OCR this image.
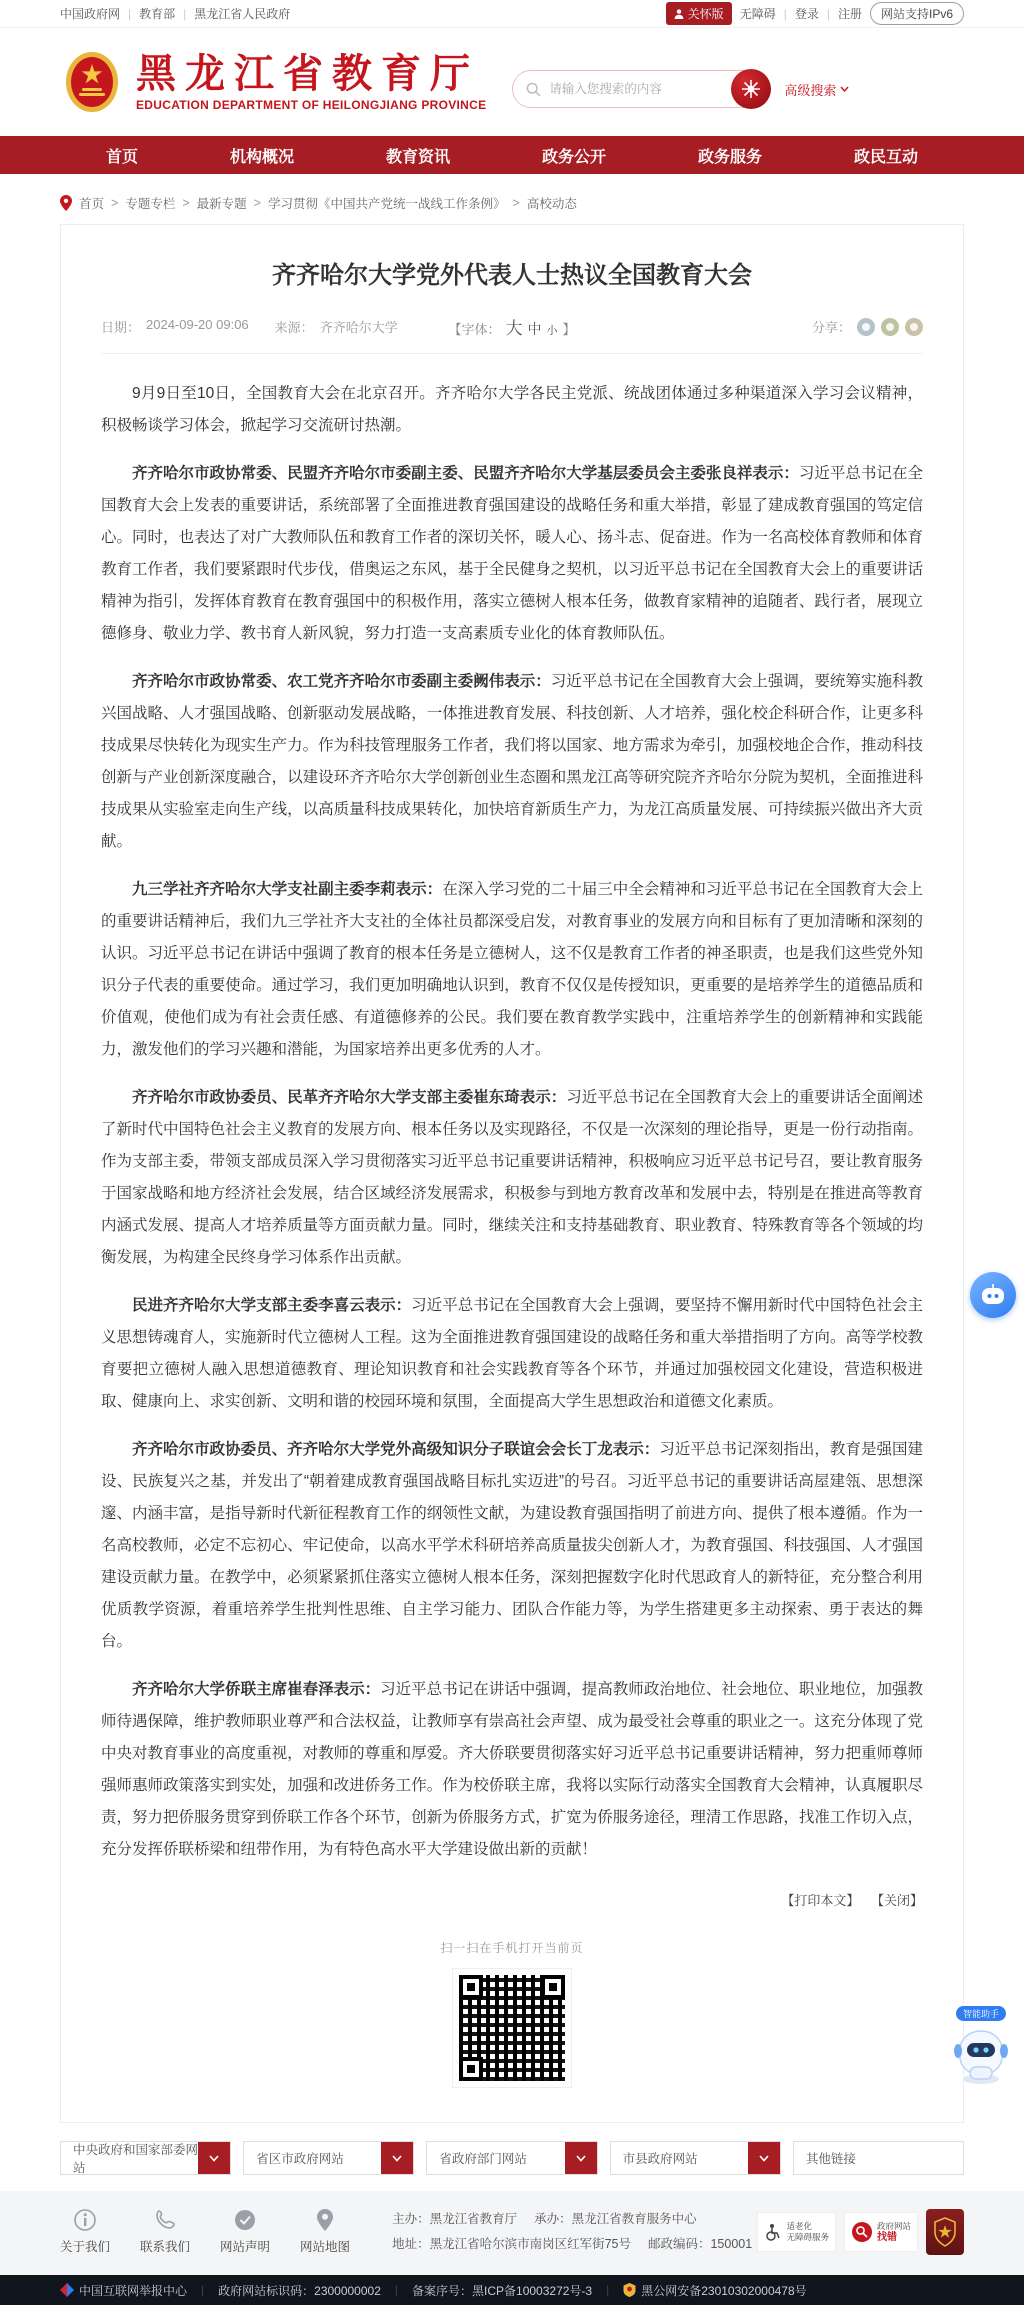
中国政府网 | 教育部 | 黑龙江省人民政府	关怀版 无障碍 | 登录 | 注册	网站支持IPv6
黑龙江省教育厅
EDUCATION DEPARTMENT OF HEILONGJIANG PROVINCE
请输入您搜索的内容
高级搜索
首页	机构概况	教育资讯	政务公开	政务服务	政民互动
首页 > 专题专栏 > 最新专题 > 学习贯彻《中国共产党统一战线工作条例》 > 高校动态
齐齐哈尔大学党外代表人士热议全国教育大会
日期： 2024-09-20 09:06 来源： 齐齐哈尔大学	【字体： 大 中 小 】	分享：

9月9日至10日，全国教育大会在北京召开。齐齐哈尔大学各民主党派、统战团体通过多种渠道深入学习会议精神，积极畅谈学习体会，掀起学习交流研讨热潮。

齐齐哈尔市政协常委、民盟齐齐哈尔市委副主委、民盟齐齐哈尔大学基层委员会主委张良祥表示：习近平总书记在全国教育大会上发表的重要讲话，系统部署了全面推进教育强国建设的战略任务和重大举措，彰显了建成教育强国的笃定信心。同时，也表达了对广大教师队伍和教育工作者的深切关怀，暖人心、扬斗志、促奋进。作为一名高校体育教师和体育教育工作者，我们要紧跟时代步伐，借奥运之东风，基于全民健身之契机，以习近平总书记在全国教育大会上的重要讲话精神为指引，发挥体育教育在教育强国中的积极作用，落实立德树人根本任务，做教育家精神的追随者、践行者，展现立德修身、敬业力学、教书育人新风貌，努力打造一支高素质专业化的体育教师队伍。

齐齐哈尔市政协常委、农工党齐齐哈尔市委副主委阙伟表示：习近平总书记在全国教育大会上强调，要统筹实施科教兴国战略、人才强国战略、创新驱动发展战略，一体推进教育发展、科技创新、人才培养，强化校企科研合作，让更多科技成果尽快转化为现实生产力。作为科技管理服务工作者，我们将以国家、地方需求为牵引，加强校地企合作，推动科技创新与产业创新深度融合，以建设环齐齐哈尔大学创新创业生态圈和黑龙江高等研究院齐齐哈尔分院为契机，全面推进科技成果从实验室走向生产线，以高质量科技成果转化，加快培育新质生产力，为龙江高质量发展、可持续振兴做出齐大贡献。

九三学社齐齐哈尔大学支社副主委李莉表示：在深入学习党的二十届三中全会精神和习近平总书记在全国教育大会上的重要讲话精神后，我们九三学社齐大支社的全体社员都深受启发，对教育事业的发展方向和目标有了更加清晰和深刻的认识。习近平总书记在讲话中强调了教育的根本任务是立德树人，这不仅是教育工作者的神圣职责，也是我们这些党外知识分子代表的重要使命。通过学习，我们更加明确地认识到，教育不仅仅是传授知识，更重要的是培养学生的道德品质和价值观，使他们成为有社会责任感、有道德修养的公民。我们要在教育教学实践中，注重培养学生的创新精神和实践能力，激发他们的学习兴趣和潜能，为国家培养出更多优秀的人才。

齐齐哈尔市政协委员、民革齐齐哈尔大学支部主委崔东琦表示：习近平总书记在全国教育大会上的重要讲话全面阐述了新时代中国特色社会主义教育的发展方向、根本任务以及实现路径，不仅是一次深刻的理论指导，更是一份行动指南。作为支部主委，带领支部成员深入学习贯彻落实习近平总书记重要讲话精神，积极响应习近平总书记号召，要让教育服务于国家战略和地方经济社会发展，结合区域经济发展需求，积极参与到地方教育改革和发展中去，特别是在推进高等教育内涵式发展、提高人才培养质量等方面贡献力量。同时，继续关注和支持基础教育、职业教育、特殊教育等各个领域的均衡发展，为构建全民终身学习体系作出贡献。

民进齐齐哈尔大学支部主委李喜云表示：习近平总书记在全国教育大会上强调，要坚持不懈用新时代中国特色社会主义思想铸魂育人，实施新时代立德树人工程。这为全面推进教育强国建设的战略任务和重大举措指明了方向。高等学校教育要把立德树人融入思想道德教育、理论知识教育和社会实践教育等各个环节，并通过加强校园文化建设，营造积极进取、健康向上、求实创新、文明和谐的校园环境和氛围，全面提高大学生思想政治和道德文化素质。

齐齐哈尔市政协委员、齐齐哈尔大学党外高级知识分子联谊会会长丁龙表示：习近平总书记深刻指出，教育是强国建设、民族复兴之基，并发出了“朝着建成教育强国战略目标扎实迈进”的号召。习近平总书记的重要讲话高屋建瓴、思想深邃、内涵丰富，是指导新时代新征程教育工作的纲领性文献，为建设教育强国指明了前进方向、提供了根本遵循。作为一名高校教师，必定不忘初心、牢记使命，以高水平学术科研培养高质量拔尖创新人才，为教育强国、科技强国、人才强国建设贡献力量。在教学中，必须紧紧抓住落实立德树人根本任务，深刻把握数字化时代思政育人的新特征，充分整合利用优质教学资源，着重培养学生批判性思维、自主学习能力、团队合作能力等，为学生搭建更多主动探索、勇于表达的舞台。

齐齐哈尔大学侨联主席崔春泽表示：习近平总书记在讲话中强调，提高教师政治地位、社会地位、职业地位，加强教师待遇保障，维护教师职业尊严和合法权益，让教师享有崇高社会声望、成为最受社会尊重的职业之一。这充分体现了党中央对教育事业的高度重视，对教师的尊重和厚爱。齐大侨联要贯彻落实好习近平总书记重要讲话精神，努力把重师尊师强师惠师政策落实到实处，加强和改进侨务工作。作为校侨联主席，我将以实际行动落实全国教育大会精神，认真履职尽责，努力把侨服务贯穿到侨联工作各个环节，创新为侨服务方式，扩宽为侨服务途径，理清工作思路，找准工作切入点，充分发挥侨联桥梁和纽带作用，为有特色高水平大学建设做出新的贡献！

【打印本文】 【关闭】
扫一扫在手机打开当前页
中央政府和国家部委网站
省区市政府网站	省政府部门网站	市县政府网站	其他链接
关于我们 联系我们 网站声明 网站地图
主办：黑龙江省教育厅 承办：黑龙江省教育服务中心
地址：黑龙江省哈尔滨市南岗区红军街75号 邮政编码：150001
适老化
无障碍服务
政府网站
找错
中国互联网举报中心 | 政府网站标识码：2300000002 | 备案序号：黑ICP备10003272号-3 |	黑公网安备23010302000478号
智能助手
